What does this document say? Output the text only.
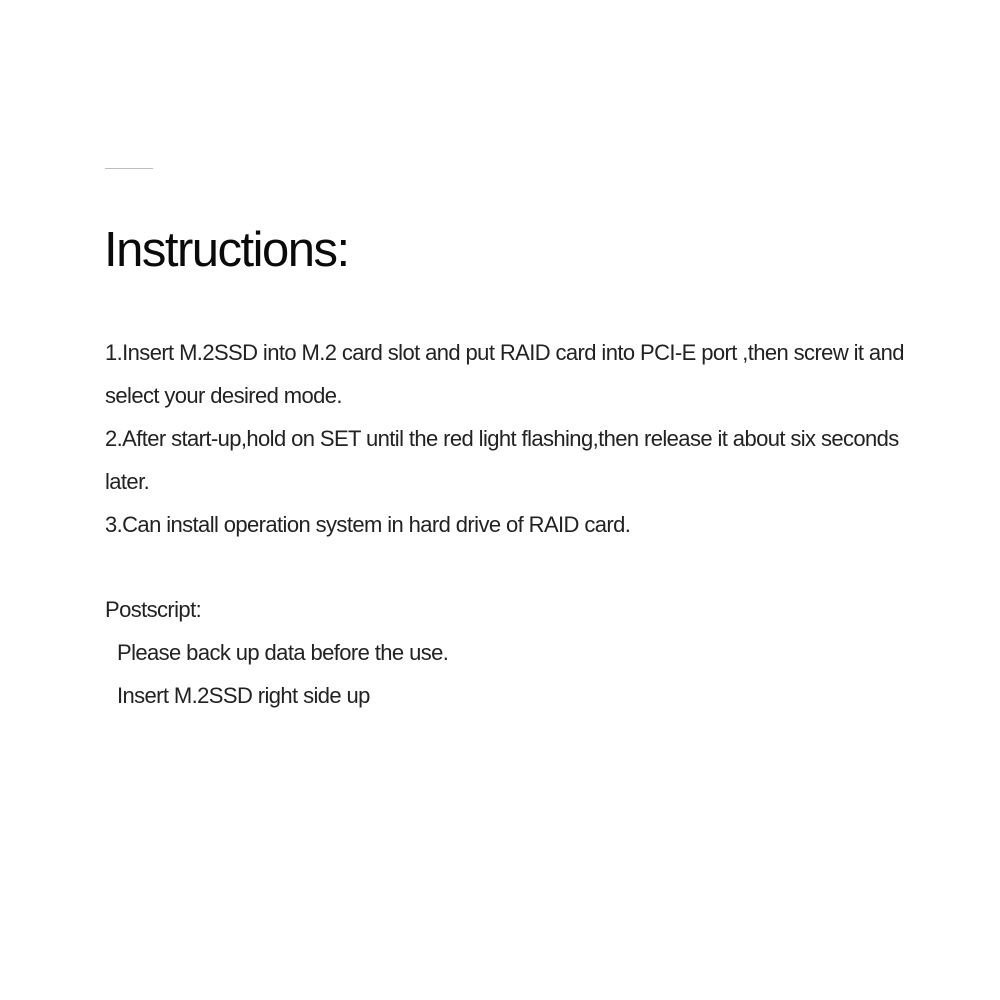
Instructions:

1.Insert M.2SSD into M.2 card slot and put RAID card into PCI-E port ,then screw it and select your desired mode.

2.After start-up,hold on SET until the red light flashing,then release it about six seconds later.

3.Can install operation system in hard drive of RAID card.

Postscript:

Please back up data before the use.

Insert M.2SSD right side up
